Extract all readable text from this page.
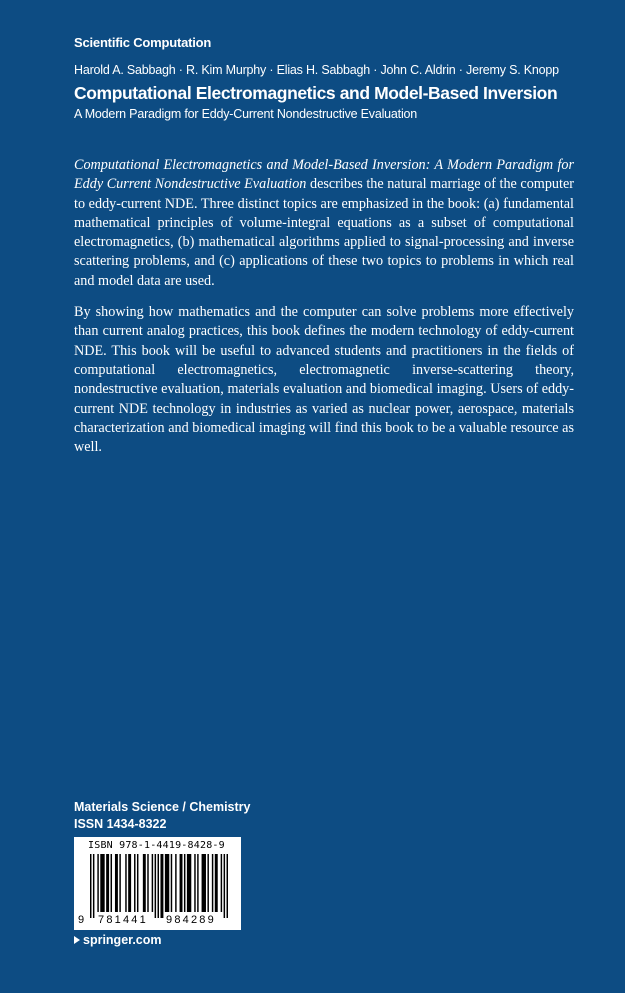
Scientific Computation
Harold A. Sabbagh · R. Kim Murphy · Elias H. Sabbagh · John C. Aldrin · Jeremy S. Knopp
Computational Electromagnetics and Model-Based Inversion
A Modern Paradigm for Eddy-Current Nondestructive Evaluation

Computational Electromagnetics and Model-Based Inversion: A Modern Paradigm for Eddy Current Nondestructive Evaluation describes the natural marriage of the computer to eddy-current NDE. Three distinct topics are emphasized in the book: (a) fundamental mathematical principles of volume-integral equations as a subset of computational electromagnetics, (b) mathematical algorithms applied to signal-processing and inverse scattering problems, and (c) applications of these two topics to problems in which real and model data are used.

By showing how mathematics and the computer can solve problems more effectively than current analog practices, this book defines the modern technology of eddy-current NDE. This book will be useful to advanced students and practitioners in the fields of computational electromagnetics, electromagnetic inverse-scattering theory, nondestructive evaluation, materials evaluation and biomedical imaging. Users of eddy-current NDE technology in industries as varied as nuclear power, aerospace, materials characterization and biomedical imaging will find this book to be a valuable resource as well.

Materials Science / Chemistry
ISSN 1434-8322
ISBN 978-1-4419-8428-9
9 781441 984289
springer.com
